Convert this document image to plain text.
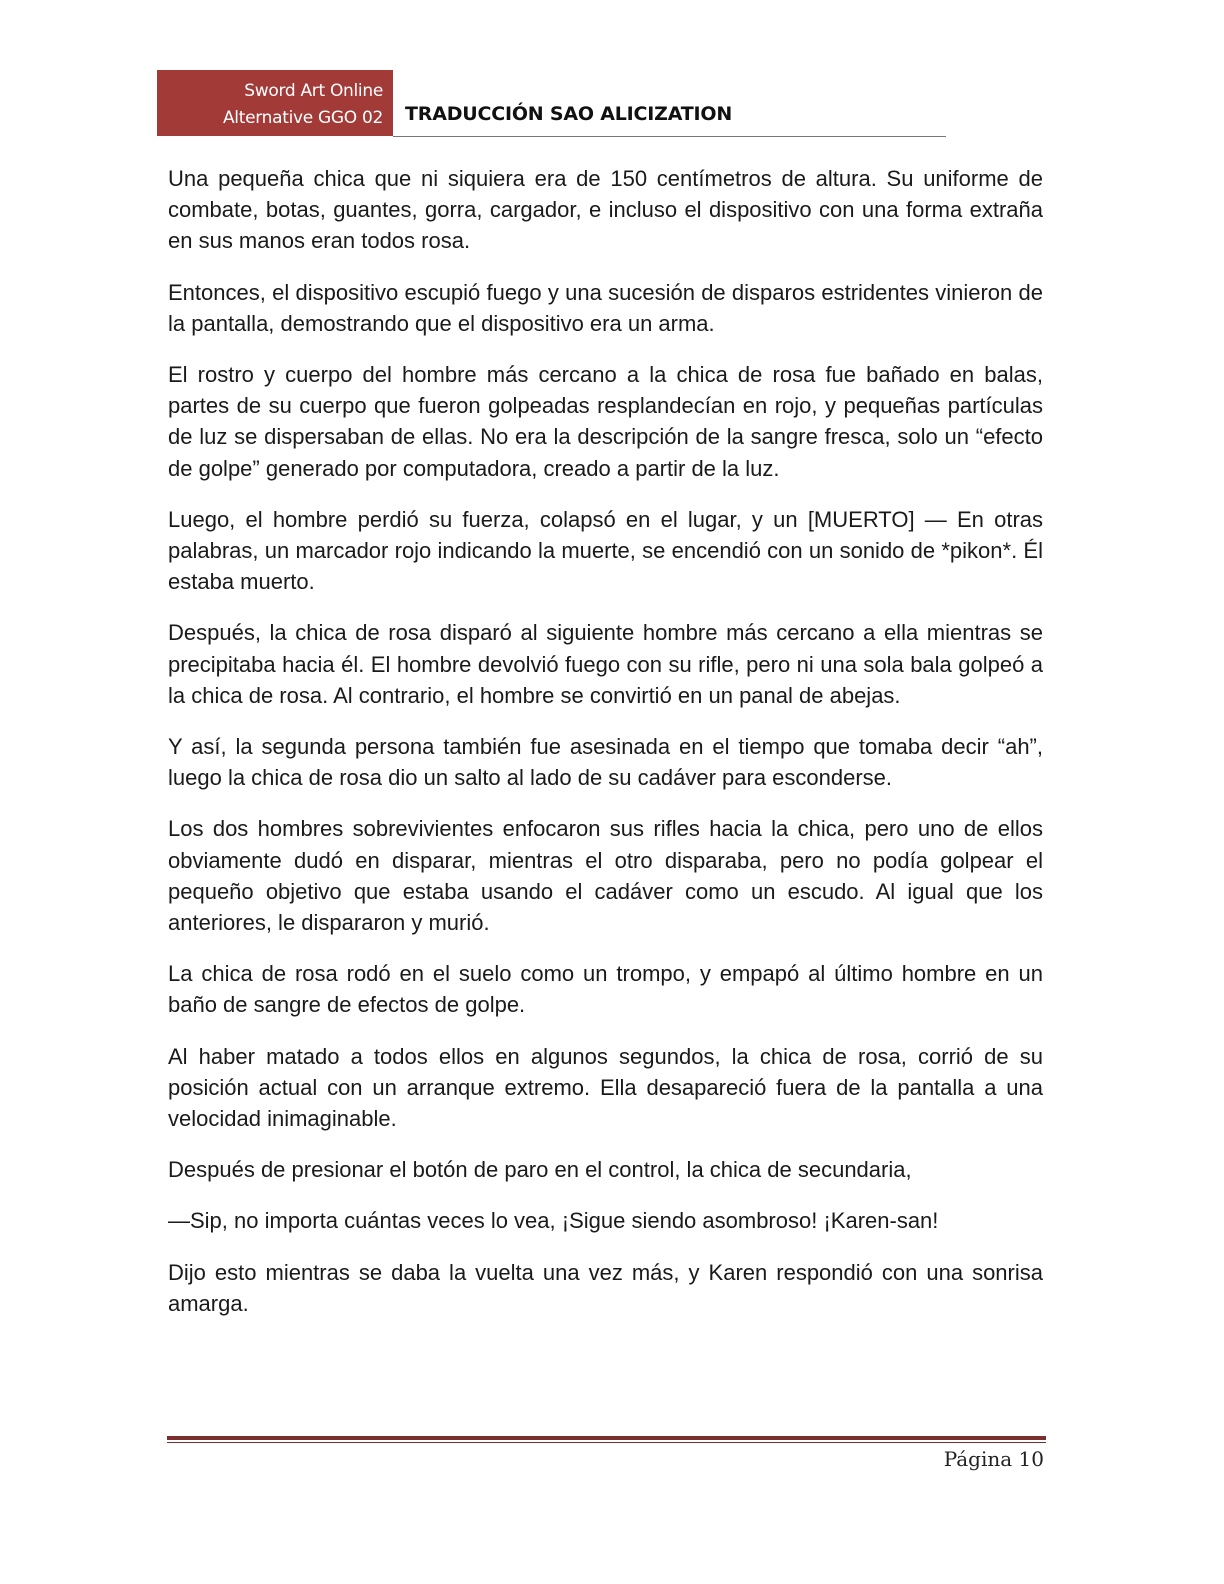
Sword Art Online
Alternative GGO 02 TRADUCCIÓN SAO ALICIZATION

Una pequeña chica que ni siquiera era de 150 centímetros de altura. Su uniforme de combate, botas, guantes, gorra, cargador, e incluso el dispositivo con una forma extraña en sus manos eran todos rosa.

Entonces, el dispositivo escupió fuego y una sucesión de disparos estridentes vinieron de la pantalla, demostrando que el dispositivo era un arma.

El rostro y cuerpo del hombre más cercano a la chica de rosa fue bañado en balas, partes de su cuerpo que fueron golpeadas resplandecían en rojo, y pequeñas partículas de luz se dispersaban de ellas. No era la descripción de la sangre fresca, solo un “efecto de golpe” generado por computadora, creado a partir de la luz.

Luego, el hombre perdió su fuerza, colapsó en el lugar, y un [MUERTO] — En otras palabras, un marcador rojo indicando la muerte, se encendió con un sonido de *pikon*. Él estaba muerto.

Después, la chica de rosa disparó al siguiente hombre más cercano a ella mientras se precipitaba hacia él. El hombre devolvió fuego con su rifle, pero ni una sola bala golpeó a la chica de rosa. Al contrario, el hombre se convirtió en un panal de abejas.

Y así, la segunda persona también fue asesinada en el tiempo que tomaba decir “ah”, luego la chica de rosa dio un salto al lado de su cadáver para esconderse.

Los dos hombres sobrevivientes enfocaron sus rifles hacia la chica, pero uno de ellos obviamente dudó en disparar, mientras el otro disparaba, pero no podía golpear el pequeño objetivo que estaba usando el cadáver como un escudo. Al igual que los anteriores, le dispararon y murió.

La chica de rosa rodó en el suelo como un trompo, y empapó al último hombre en un baño de sangre de efectos de golpe.

Al haber matado a todos ellos en algunos segundos, la chica de rosa, corrió de su posición actual con un arranque extremo. Ella desapareció fuera de la pantalla a una velocidad inimaginable.

Después de presionar el botón de paro en el control, la chica de secundaria,

—Sip, no importa cuántas veces lo vea, ¡Sigue siendo asombroso! ¡Karen-san!

Dijo esto mientras se daba la vuelta una vez más, y Karen respondió con una sonrisa amarga.

Página 10
